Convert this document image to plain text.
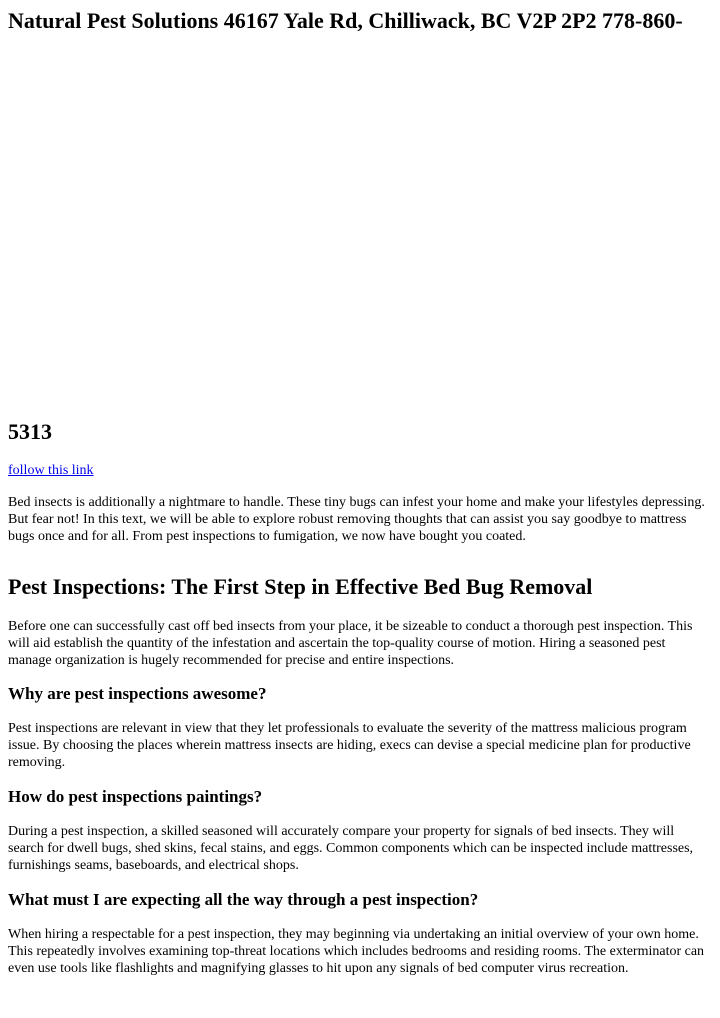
Natural Pest Solutions 46167 Yale Rd, Chilliwack, BC V2P 2P2 778-860-
5313
follow this link

Bed insects is additionally a nightmare to handle. These tiny bugs can infest your home and make your lifestyles depressing. But fear not! In this text, we will be able to explore robust removing thoughts that can assist you say goodbye to mattress bugs once and for all. From pest inspections to fumigation, we now have bought you coated.

Pest Inspections: The First Step in Effective Bed Bug Removal

Before one can successfully cast off bed insects from your place, it be sizeable to conduct a thorough pest inspection. This will aid establish the quantity of the infestation and ascertain the top-quality course of motion. Hiring a seasoned pest manage organization is hugely recommended for precise and entire inspections.

Why are pest inspections awesome?

Pest inspections are relevant in view that they let professionals to evaluate the severity of the mattress malicious program issue. By choosing the places wherein mattress insects are hiding, execs can devise a special medicine plan for productive removing.

How do pest inspections paintings?

During a pest inspection, a skilled seasoned will accurately compare your property for signals of bed insects. They will search for dwell bugs, shed skins, fecal stains, and eggs. Common components which can be inspected include mattresses, furnishings seams, baseboards, and electrical shops.

What must I are expecting all the way through a pest inspection?

When hiring a respectable for a pest inspection, they may beginning via undertaking an initial overview of your own home. This repeatedly involves examining top-threat locations which includes bedrooms and residing rooms. The exterminator can even use tools like flashlights and magnifying glasses to hit upon any signals of bed computer virus recreation.
